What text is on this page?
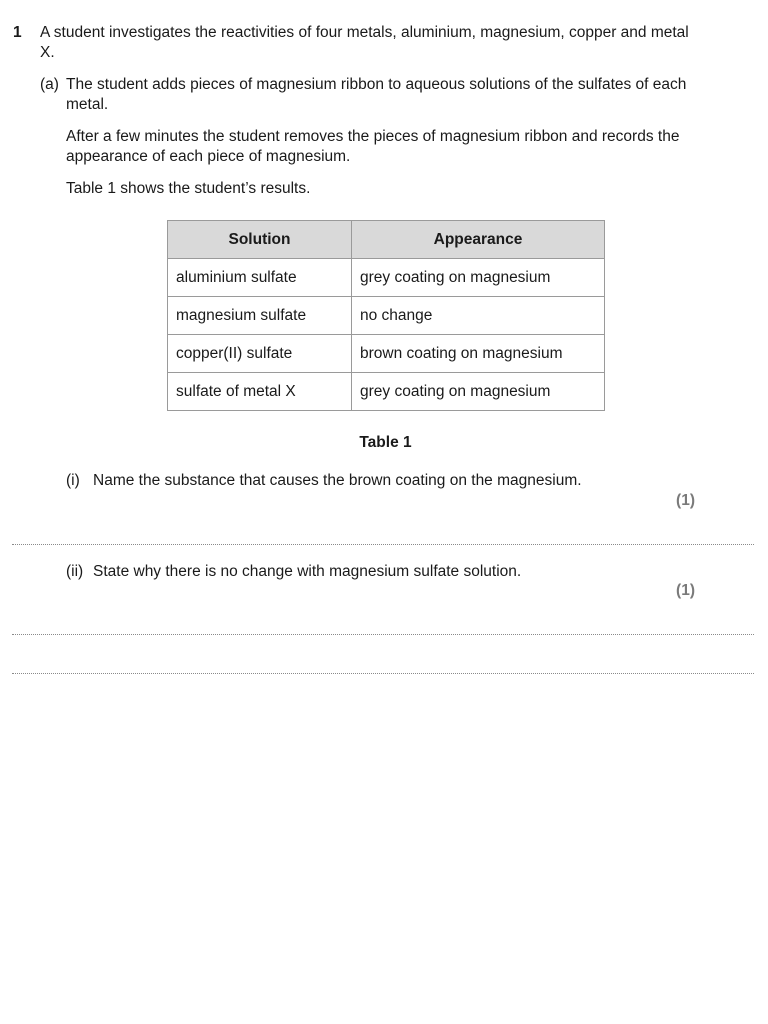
1 A student investigates the reactivities of four metals, aluminium, magnesium, copper and metal X.
(a) The student adds pieces of magnesium ribbon to aqueous solutions of the sulfates of each metal.
After a few minutes the student removes the pieces of magnesium ribbon and records the appearance of each piece of magnesium.
Table 1 shows the student’s results.
Solution	Appearance
aluminium sulfate	grey coating on magnesium
magnesium sulfate	no change
copper(II) sulfate	brown coating on magnesium
sulfate of metal X	grey coating on magnesium
Table 1
(i) Name the substance that causes the brown coating on the magnesium.
(1)
(ii) State why there is no change with magnesium sulfate solution.
(1)
